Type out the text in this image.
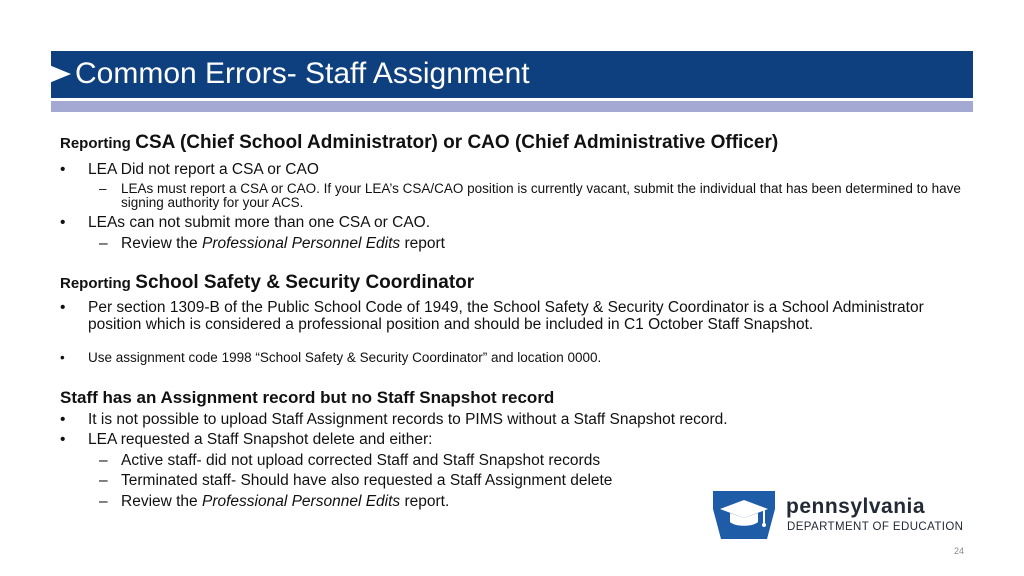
Common Errors- Staff Assignment
Reporting CSA (Chief School Administrator) or CAO (Chief Administrative Officer)
• LEA Did not report a CSA or CAO
– LEAs must report a CSA or CAO. If your LEA’s CSA/CAO position is currently vacant, submit the individual that has been determined to have signing authority for your ACS.
• LEAs can not submit more than one CSA or CAO.
– Review the Professional Personnel Edits report
Reporting School Safety & Security Coordinator
• Per section 1309-B of the Public School Code of 1949, the School Safety & Security Coordinator is a School Administrator position which is considered a professional position and should be included in C1 October Staff Snapshot.
• Use assignment code 1998 “School Safety & Security Coordinator” and location 0000.
Staff has an Assignment record but no Staff Snapshot record
• It is not possible to upload Staff Assignment records to PIMS without a Staff Snapshot record.
• LEA requested a Staff Snapshot delete and either:
– Active staff- did not upload corrected Staff and Staff Snapshot records
– Terminated staff- Should have also requested a Staff Assignment delete
– Review the Professional Personnel Edits report.	pennsylvania
DEPARTMENT OF EDUCATION
24
